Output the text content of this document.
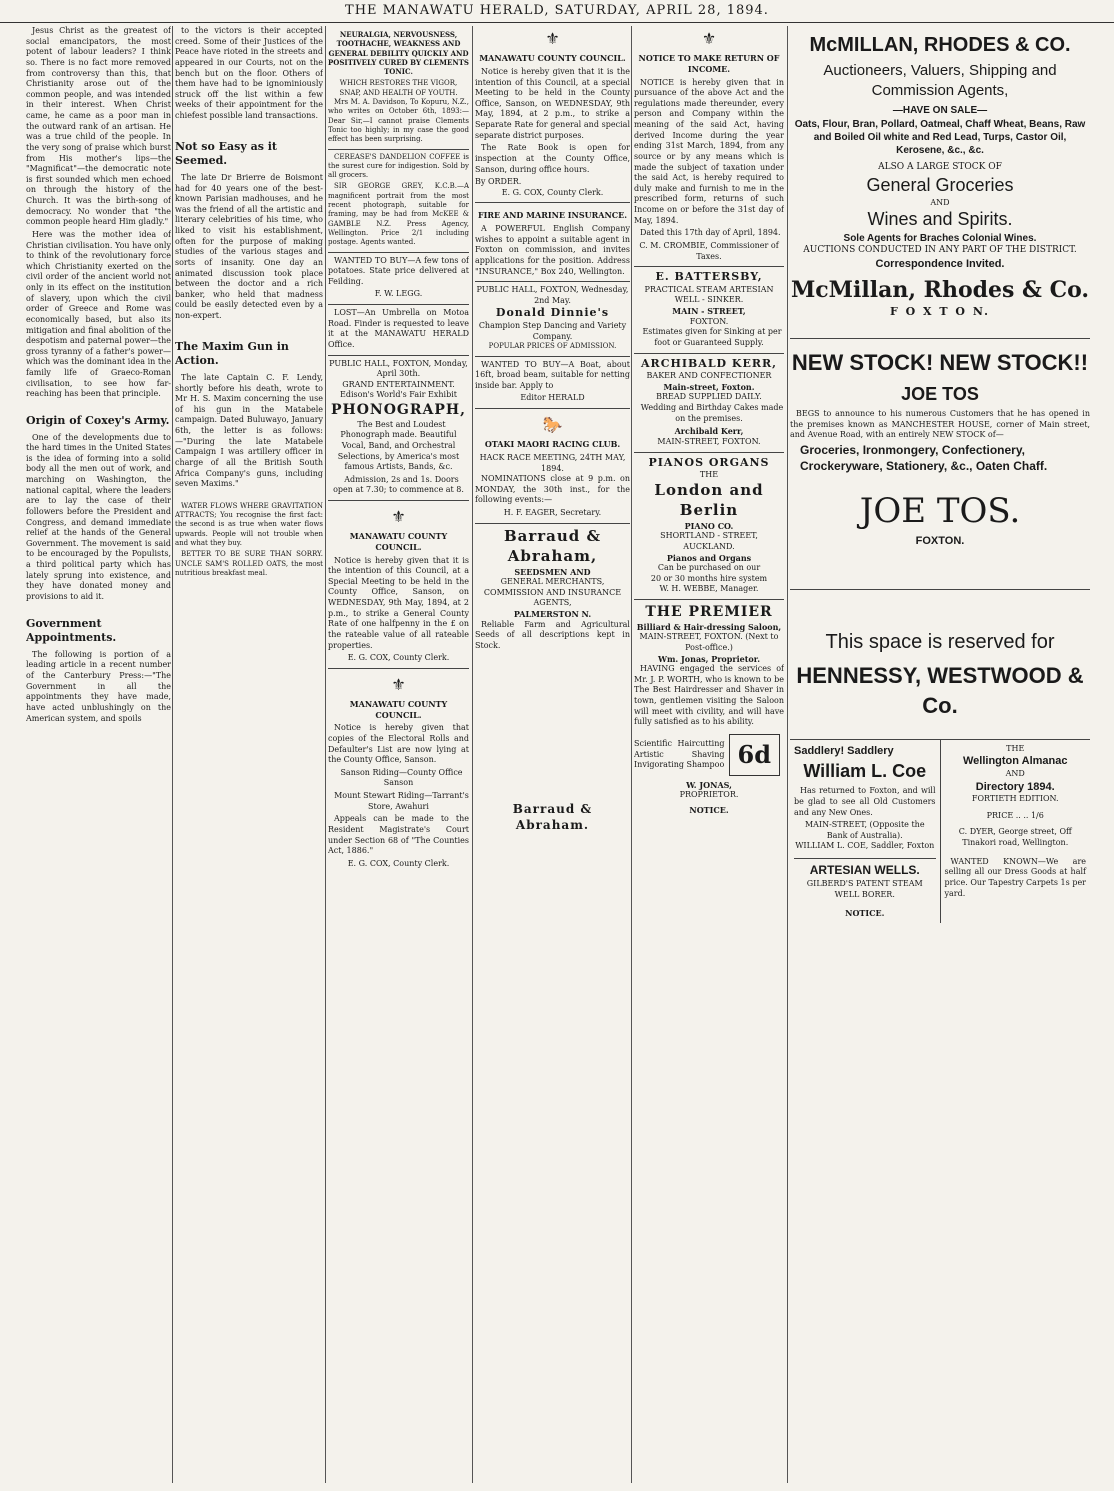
THE MANAWATU HERALD, SATURDAY, APRIL 28, 1894.

Jesus Christ as the greatest of social emancipators, the most potent of labour leaders? I think so. There is no fact more removed from controversy than this, that Christianity arose out of the common people, and was intended in their interest. When Christ came, he came as a poor man in the outward rank of an artisan. He was a true child of the people. In the very song of praise which burst from His mother's lips—the "Magnificat"—the democratic note is first sounded which men echoed on through the history of the Church. It was the birth-song of democracy. No wonder that "the common people heard Him gladly."

Here was the mother idea of Christian civilisation. You have only to think of the revolutionary force which Christianity exerted on the civil order of the ancient world not only in its effect on the institution of slavery, upon which the civil order of Greece and Rome was economically based, but also its mitigation and final abolition of the despotism and paternal power—the gross tyranny of a father's power—which was the dominant idea in the family life of Graeco-Roman civilisation, to see how far-reaching has been that principle.

Origin of Coxey's Army.

One of the developments due to the hard times in the United States is the idea of forming into a solid body all the men out of work, and marching on Washington, the national capital, where the leaders are to lay the case of their followers before the President and Congress, and demand immediate relief at the hands of the General Government. The movement is said to be encouraged by the Populists, a third political party which has lately sprung into existence, and they have donated money and provisions to aid it.

Government Appointments.

The following is portion of a leading article in a recent number of the Canterbury Press:—"The Government in all the appointments they have made, have acted unblushingly on the American system, and spoils

to the victors is their accepted creed. Some of their Justices of the Peace have rioted in the streets and appeared in our Courts, not on the bench but on the floor. Others of them have had to be ignominiously struck off the list within a few weeks of their appointment for the chiefest possible land transactions.

Not so Easy as it Seemed.

The late Dr Brierre de Boismont had for 40 years one of the best-known Parisian madhouses, and he was the friend of all the artistic and literary celebrities of his time, who liked to visit his establishment, often for the purpose of making studies of the various stages and sorts of insanity. One day an animated discussion took place between the doctor and a rich banker, who held that madness could be easily detected even by a non-expert.

The Maxim Gun in Action.

The late Captain C. F. Lendy, shortly before his death, wrote to Mr H. S. Maxim concerning the use of his gun in the Matabele campaign. Dated Buluwayo, January 6th, the letter is as follows:—"During the late Matabele Campaign I was artillery officer in charge of all the British South Africa Company's guns, including seven Maxims."

WATER FLOWS WHERE GRAVITATION ATTRACTS; You recognise the first fact: the second is as true when water flows upwards. People will not trouble when and what they buy.

BETTER TO BE SURE THAN SORRY. UNCLE SAM'S ROLLED OATS, the most nutritious breakfast meal.

NEURALGIA, NERVOUSNESS, TOOTHACHE, WEAKNESS AND GENERAL DEBILITY QUICKLY AND POSITIVELY CURED BY CLEMENTS TONIC.
WHICH RESTORES THE VIGOR, SNAP, AND HEALTH OF YOUTH.

Mrs M. A. Davidson, To Kopuru, N.Z., who writes on October 6th, 1893:—Dear Sir,—I cannot praise Clements Tonic too highly; in my case the good effect has been surprising.

CEREASE'S DANDELION COFFEE is the surest cure for indigestion. Sold by all grocers.

SIR GEORGE GREY, K.C.B.—A magnificent portrait from the most recent photograph, suitable for framing, may be had from McKEE & GAMBLE N.Z. Press Agency, Wellington. Price 2/1 including postage. Agents wanted.

WANTED TO BUY—A few tons of potatoes. State price delivered at Feilding.

F. W. LEGG.

LOST—An Umbrella on Motoa Road. Finder is requested to leave it at the MANAWATU HERALD Office.

PUBLIC HALL, FOXTON, Monday, April 30th.
GRAND ENTERTAINMENT.
Edison's World's Fair Exhibit
PHONOGRAPH,

The Best and Loudest Phonograph made. Beautiful Vocal, Band, and Orchestral Selections, by America's most famous Artists, Bands, &c.

Admission, 2s and 1s. Doors open at 7.30; to commence at 8.

⚜
MANAWATU COUNTY COUNCIL.

Notice is hereby given that it is the intention of this Council, at a Special Meeting to be held in the County Office, Sanson, on WEDNESDAY, 9th May, 1894, at 2 p.m., to strike a General County Rate of one halfpenny in the £ on the rateable value of all rateable properties.

E. G. COX, County Clerk.
⚜
MANAWATU COUNTY COUNCIL.

Notice is hereby given that copies of the Electoral Rolls and Defaulter's List are now lying at the County Office, Sanson.

Sanson Riding—County Office Sanson

Mount Stewart Riding—Tarrant's Store, Awahuri

Appeals can be made to the Resident Magistrate's Court under Section 68 of "The Counties Act, 1886."

E. G. COX, County Clerk.
⚜
MANAWATU COUNTY COUNCIL.

Notice is hereby given that it is the intention of this Council, at a special Meeting to be held in the County Office, Sanson, on WEDNESDAY, 9th May, 1894, at 2 p.m., to strike a Separate Rate for general and special separate district purposes.

The Rate Book is open for inspection at the County Office, Sanson, during office hours.

By ORDER.
E. G. COX, County Clerk.
FIRE AND MARINE INSURANCE.

A POWERFUL English Company wishes to appoint a suitable agent in Foxton on commission, and invites applications for the position. Address "INSURANCE," Box 240, Wellington.

PUBLIC HALL, FOXTON, Wednesday, 2nd May.
Donald Dinnie's
Champion Step Dancing and Variety Company.
POPULAR PRICES OF ADMISSION.

WANTED TO BUY—A Boat, about 16ft, broad beam, suitable for netting inside bar. Apply to

Editor HERALD
🐎
OTAKI MAORI RACING CLUB.
HACK RACE MEETING, 24TH MAY, 1894.

NOMINATIONS close at 9 p.m. on MONDAY, the 30th inst., for the following events:—

H. F. EAGER, Secretary.
Barraud & Abraham,
SEEDSMEN AND
GENERAL MERCHANTS,
COMMISSION AND INSURANCE
AGENTS,
PALMERSTON N.

Reliable Farm and Agricultural Seeds of all descriptions kept in Stock.

Barraud & Abraham.
⚜
NOTICE TO MAKE RETURN OF INCOME.

NOTICE is hereby given that in pursuance of the above Act and the regulations made thereunder, every person and Company within the meaning of the said Act, having derived Income during the year ending 31st March, 1894, from any source or by any means which is made the subject of taxation under the said Act, is hereby required to duly make and furnish to me in the prescribed form, returns of such Income on or before the 31st day of May, 1894.

Dated this 17th day of April, 1894.

C. M. CROMBIE, Commissioner of Taxes.
E. BATTERSBY,
PRACTICAL STEAM ARTESIAN WELL - SINKER.
MAIN - STREET,
FOXTON.

Estimates given for Sinking at per foot or Guaranteed Supply.

ARCHIBALD KERR,
BAKER AND CONFECTIONER
Main-street, Foxton.
BREAD SUPPLIED DAILY.

Wedding and Birthday Cakes made on the premises.

Archibald Kerr,
MAIN-STREET, FOXTON.
PIANOS ORGANS
THE
London and Berlin
PIANO CO.
SHORTLAND - STREET, AUCKLAND.
Pianos and Organs
Can be purchased on our
20 or 30 months hire system
W. H. WEBBE, Manager.
THE PREMIER
Billiard & Hair-dressing Saloon,
MAIN-STREET, FOXTON. (Next to Post-office.)
Wm. Jonas, Proprietor.

HAVING engaged the services of Mr. J. P. WORTH, who is known to be The Best Hairdresser and Shaver in town, gentlemen visiting the Saloon will meet with civility, and will have fully satisfied as to his ability.

Scientific Haircutting Artistic Shaving Invigorating Shampoo 6d
W. JONAS,
PROPRIETOR.
NOTICE.
McMILLAN, RHODES & CO.
Auctioneers, Valuers, Shipping and Commission Agents,
—HAVE ON SALE—
Oats, Flour, Bran, Pollard, Oatmeal, Chaff Wheat, Beans, Raw and Boiled Oil white and Red Lead, Turps, Castor Oil, Kerosene, &c., &c.
ALSO A LARGE STOCK OF
General Groceries
AND
Wines and Spirits.
Sole Agents for Braches Colonial Wines.
AUCTIONS CONDUCTED IN ANY PART OF THE DISTRICT.
Correspondence Invited.
McMillan, Rhodes & Co.
F O X T O N.
NEW STOCK! NEW STOCK!!
JOE TOS

BEGS to announce to his numerous Customers that he has opened in the premises known as MANCHESTER HOUSE, corner of Main street, and Avenue Road, with an entirely NEW STOCK of—

Groceries, Ironmongery, Confectionery, Crockeryware, Stationery, &c., Oaten Chaff.
JOE TOS.
FOXTON.
This space is reserved for
HENNESSY, WESTWOOD & Co.
Saddlery! Saddlery
William L. Coe

Has returned to Foxton, and will be glad to see all Old Customers and any New Ones.

MAIN-STREET, (Opposite the Bank of Australia).
WILLIAM L. COE, Saddler, Foxton
ARTESIAN WELLS.
GILBERD'S PATENT STEAM WELL BORER.
NOTICE.
THE
Wellington Almanac
AND
Directory 1894.
FORTIETH EDITION.
PRICE .. .. 1/6
C. DYER, George street, Off Tinakori road, Wellington.

WANTED KNOWN—We are selling all our Dress Goods at half price. Our Tapestry Carpets 1s per yard.
